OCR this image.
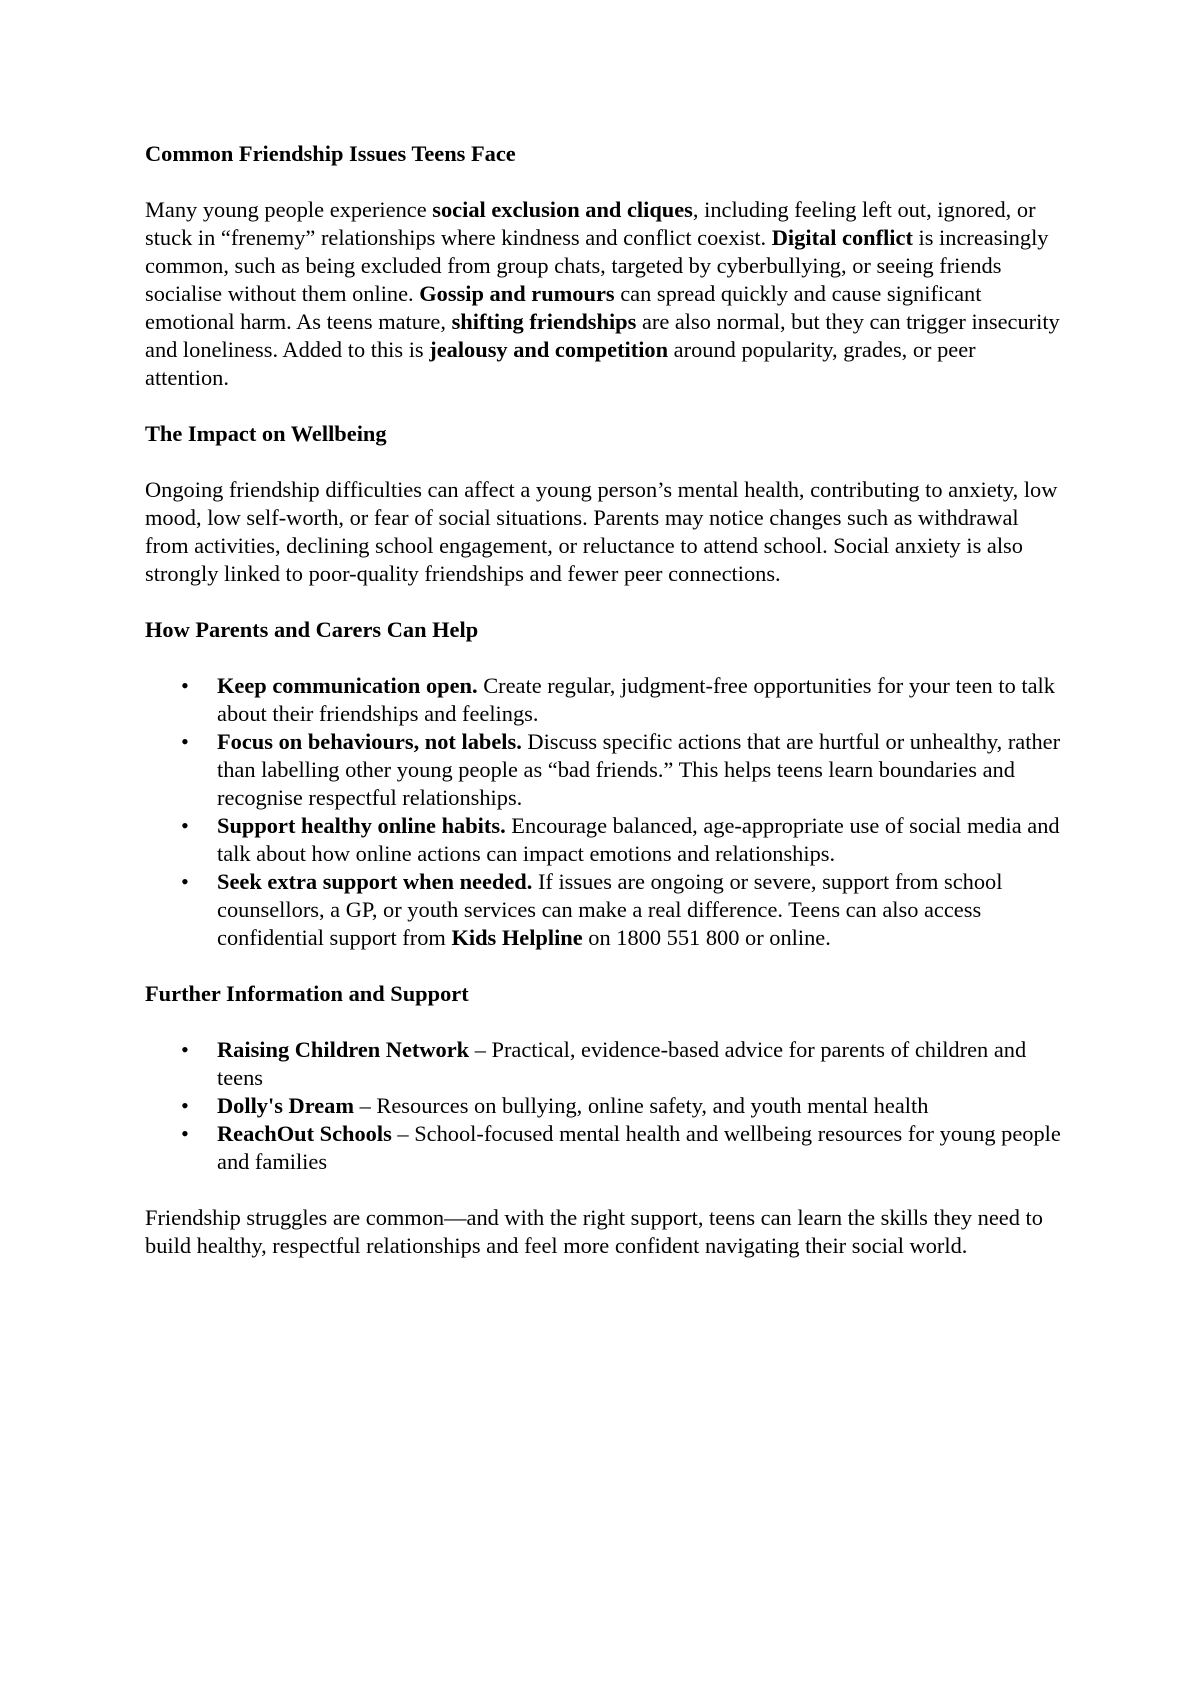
Common Friendship Issues Teens Face

Many young people experience social exclusion and cliques, including feeling left out, ignored, or stuck in “frenemy” relationships where kindness and conflict coexist. Digital conflict is increasingly common, such as being excluded from group chats, targeted by cyberbullying, or seeing friends socialise without them online. Gossip and rumours can spread quickly and cause significant emotional harm. As teens mature, shifting friendships are also normal, but they can trigger insecurity and loneliness. Added to this is jealousy and competition around popularity, grades, or peer attention.

The Impact on Wellbeing

Ongoing friendship difficulties can affect a young person’s mental health, contributing to anxiety, low mood, low self-worth, or fear of social situations. Parents may notice changes such as withdrawal from activities, declining school engagement, or reluctance to attend school. Social anxiety is also strongly linked to poor-quality friendships and fewer peer connections.

How Parents and Carers Can Help
• Keep communication open. Create regular, judgment-free opportunities for your teen to talk about their friendships and feelings.
• Focus on behaviours, not labels. Discuss specific actions that are hurtful or unhealthy, rather than labelling other young people as “bad friends.” This helps teens learn boundaries and recognise respectful relationships.
• Support healthy online habits. Encourage balanced, age-appropriate use of social media and talk about how online actions can impact emotions and relationships.
• Seek extra support when needed. If issues are ongoing or severe, support from school counsellors, a GP, or youth services can make a real difference. Teens can also access confidential support from Kids Helpline on 1800 551 800 or online.
Further Information and Support
• Raising Children Network – Practical, evidence-based advice for parents of children and teens
• Dolly's Dream – Resources on bullying, online safety, and youth mental health
• ReachOut Schools – School-focused mental health and wellbeing resources for young people and families

Friendship struggles are common—and with the right support, teens can learn the skills they need to build healthy, respectful relationships and feel more confident navigating their social world.
